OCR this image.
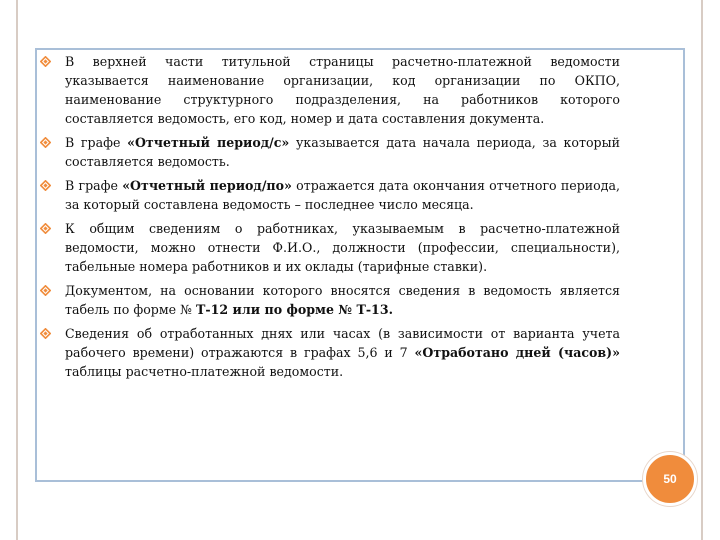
В верхней части титульной страницы расчетно-платежной ведомости указывается наименование организации, код организации по ОКПО, наименование структурного подразделения, на работников которого составляется ведомость, его код, номер и дата составления документа.
В графе «Отчетный период/с» указывается дата начала периода, за который составляется ведомость.
В графе «Отчетный период/по» отражается дата окончания отчетного периода, за который составлена ведомость – последнее число месяца.
К общим сведениям о работниках, указываемым в расчетно-платежной ведомости, можно отнести Ф.И.О., должности (профессии, специальности), табельные номера работников и их оклады (тарифные ставки).
Документом, на основании которого вносятся сведения в ведомость является табель по форме № Т-12 или по форме № Т-13.
Сведения об отработанных днях или часах (в зависимости от варианта учета рабочего времени) отражаются в графах 5,6 и 7 «Отработано дней (часов)» таблицы расчетно-платежной ведомости.
50
